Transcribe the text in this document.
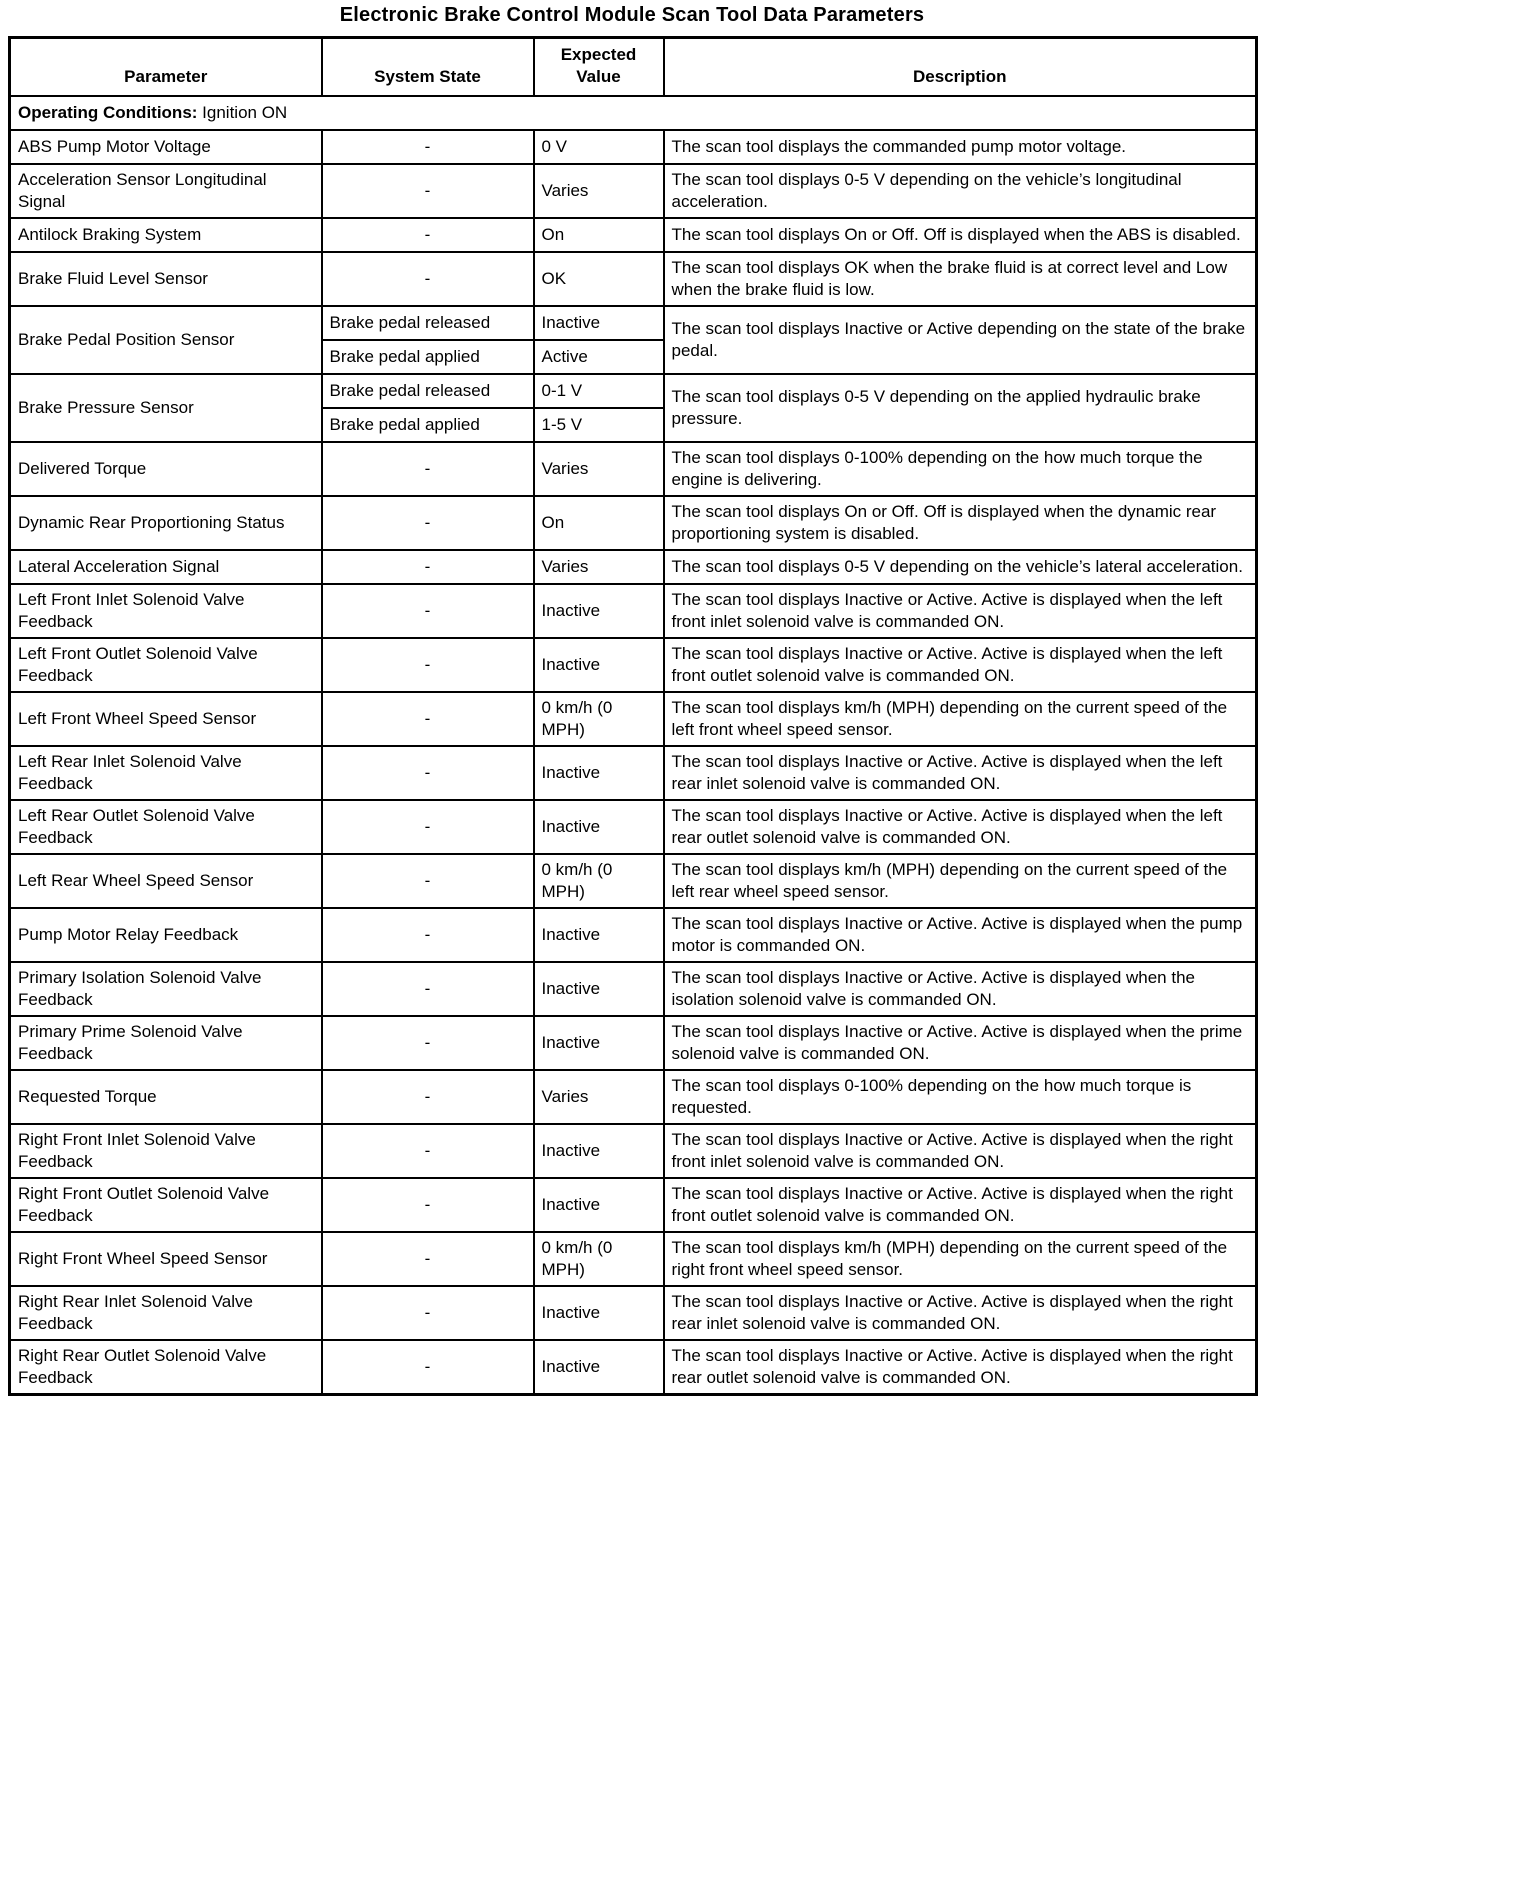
Electronic Brake Control Module Scan Tool Data Parameters
Parameter	System State	Expected Value	Description
Operating Conditions: Ignition ON			
ABS Pump Motor Voltage	-	0 V	The scan tool displays the commanded pump motor voltage.
Acceleration Sensor Longitudinal Signal	-	Varies	The scan tool displays 0-5 V depending on the vehicle’s longitudinal acceleration.
Antilock Braking System	-	On	The scan tool displays On or Off. Off is displayed when the ABS is disabled.
Brake Fluid Level Sensor	-	OK	The scan tool displays OK when the brake fluid is at correct level and Low when the brake fluid is low.
Brake Pedal Position Sensor	Brake pedal released	Inactive	The scan tool displays Inactive or Active depending on the state of the brake pedal.
	Brake pedal applied	Active	
Brake Pressure Sensor	Brake pedal released	0-1 V	The scan tool displays 0-5 V depending on the applied hydraulic brake pressure.
	Brake pedal applied	1-5 V	
Delivered Torque	-	Varies	The scan tool displays 0-100% depending on the how much torque the engine is delivering.
Dynamic Rear Proportioning Status	-	On	The scan tool displays On or Off. Off is displayed when the dynamic rear proportioning system is disabled.
Lateral Acceleration Signal	-	Varies	The scan tool displays 0-5 V depending on the vehicle’s lateral acceleration.
Left Front Inlet Solenoid Valve Feedback	-	Inactive	The scan tool displays Inactive or Active. Active is displayed when the left front inlet solenoid valve is commanded ON.
Left Front Outlet Solenoid Valve Feedback	-	Inactive	The scan tool displays Inactive or Active. Active is displayed when the left front outlet solenoid valve is commanded ON.
Left Front Wheel Speed Sensor	-	0 km/h (0 MPH)	The scan tool displays km/h (MPH) depending on the current speed of the left front wheel speed sensor.
Left Rear Inlet Solenoid Valve Feedback	-	Inactive	The scan tool displays Inactive or Active. Active is displayed when the left rear inlet solenoid valve is commanded ON.
Left Rear Outlet Solenoid Valve Feedback	-	Inactive	The scan tool displays Inactive or Active. Active is displayed when the left rear outlet solenoid valve is commanded ON.
Left Rear Wheel Speed Sensor	-	0 km/h (0 MPH)	The scan tool displays km/h (MPH) depending on the current speed of the left rear wheel speed sensor.
Pump Motor Relay Feedback	-	Inactive	The scan tool displays Inactive or Active. Active is displayed when the pump motor is commanded ON.
Primary Isolation Solenoid Valve Feedback	-	Inactive	The scan tool displays Inactive or Active. Active is displayed when the isolation solenoid valve is commanded ON.
Primary Prime Solenoid Valve Feedback	-	Inactive	The scan tool displays Inactive or Active. Active is displayed when the prime solenoid valve is commanded ON.
Requested Torque	-	Varies	The scan tool displays 0-100% depending on the how much torque is requested.
Right Front Inlet Solenoid Valve Feedback	-	Inactive	The scan tool displays Inactive or Active. Active is displayed when the right front inlet solenoid valve is commanded ON.
Right Front Outlet Solenoid Valve Feedback	-	Inactive	The scan tool displays Inactive or Active. Active is displayed when the right front outlet solenoid valve is commanded ON.
Right Front Wheel Speed Sensor	-	0 km/h (0 MPH)	The scan tool displays km/h (MPH) depending on the current speed of the right front wheel speed sensor.
Right Rear Inlet Solenoid Valve Feedback	-	Inactive	The scan tool displays Inactive or Active. Active is displayed when the right rear inlet solenoid valve is commanded ON.
Right Rear Outlet Solenoid Valve Feedback	-	Inactive	The scan tool displays Inactive or Active. Active is displayed when the right rear outlet solenoid valve is commanded ON.
